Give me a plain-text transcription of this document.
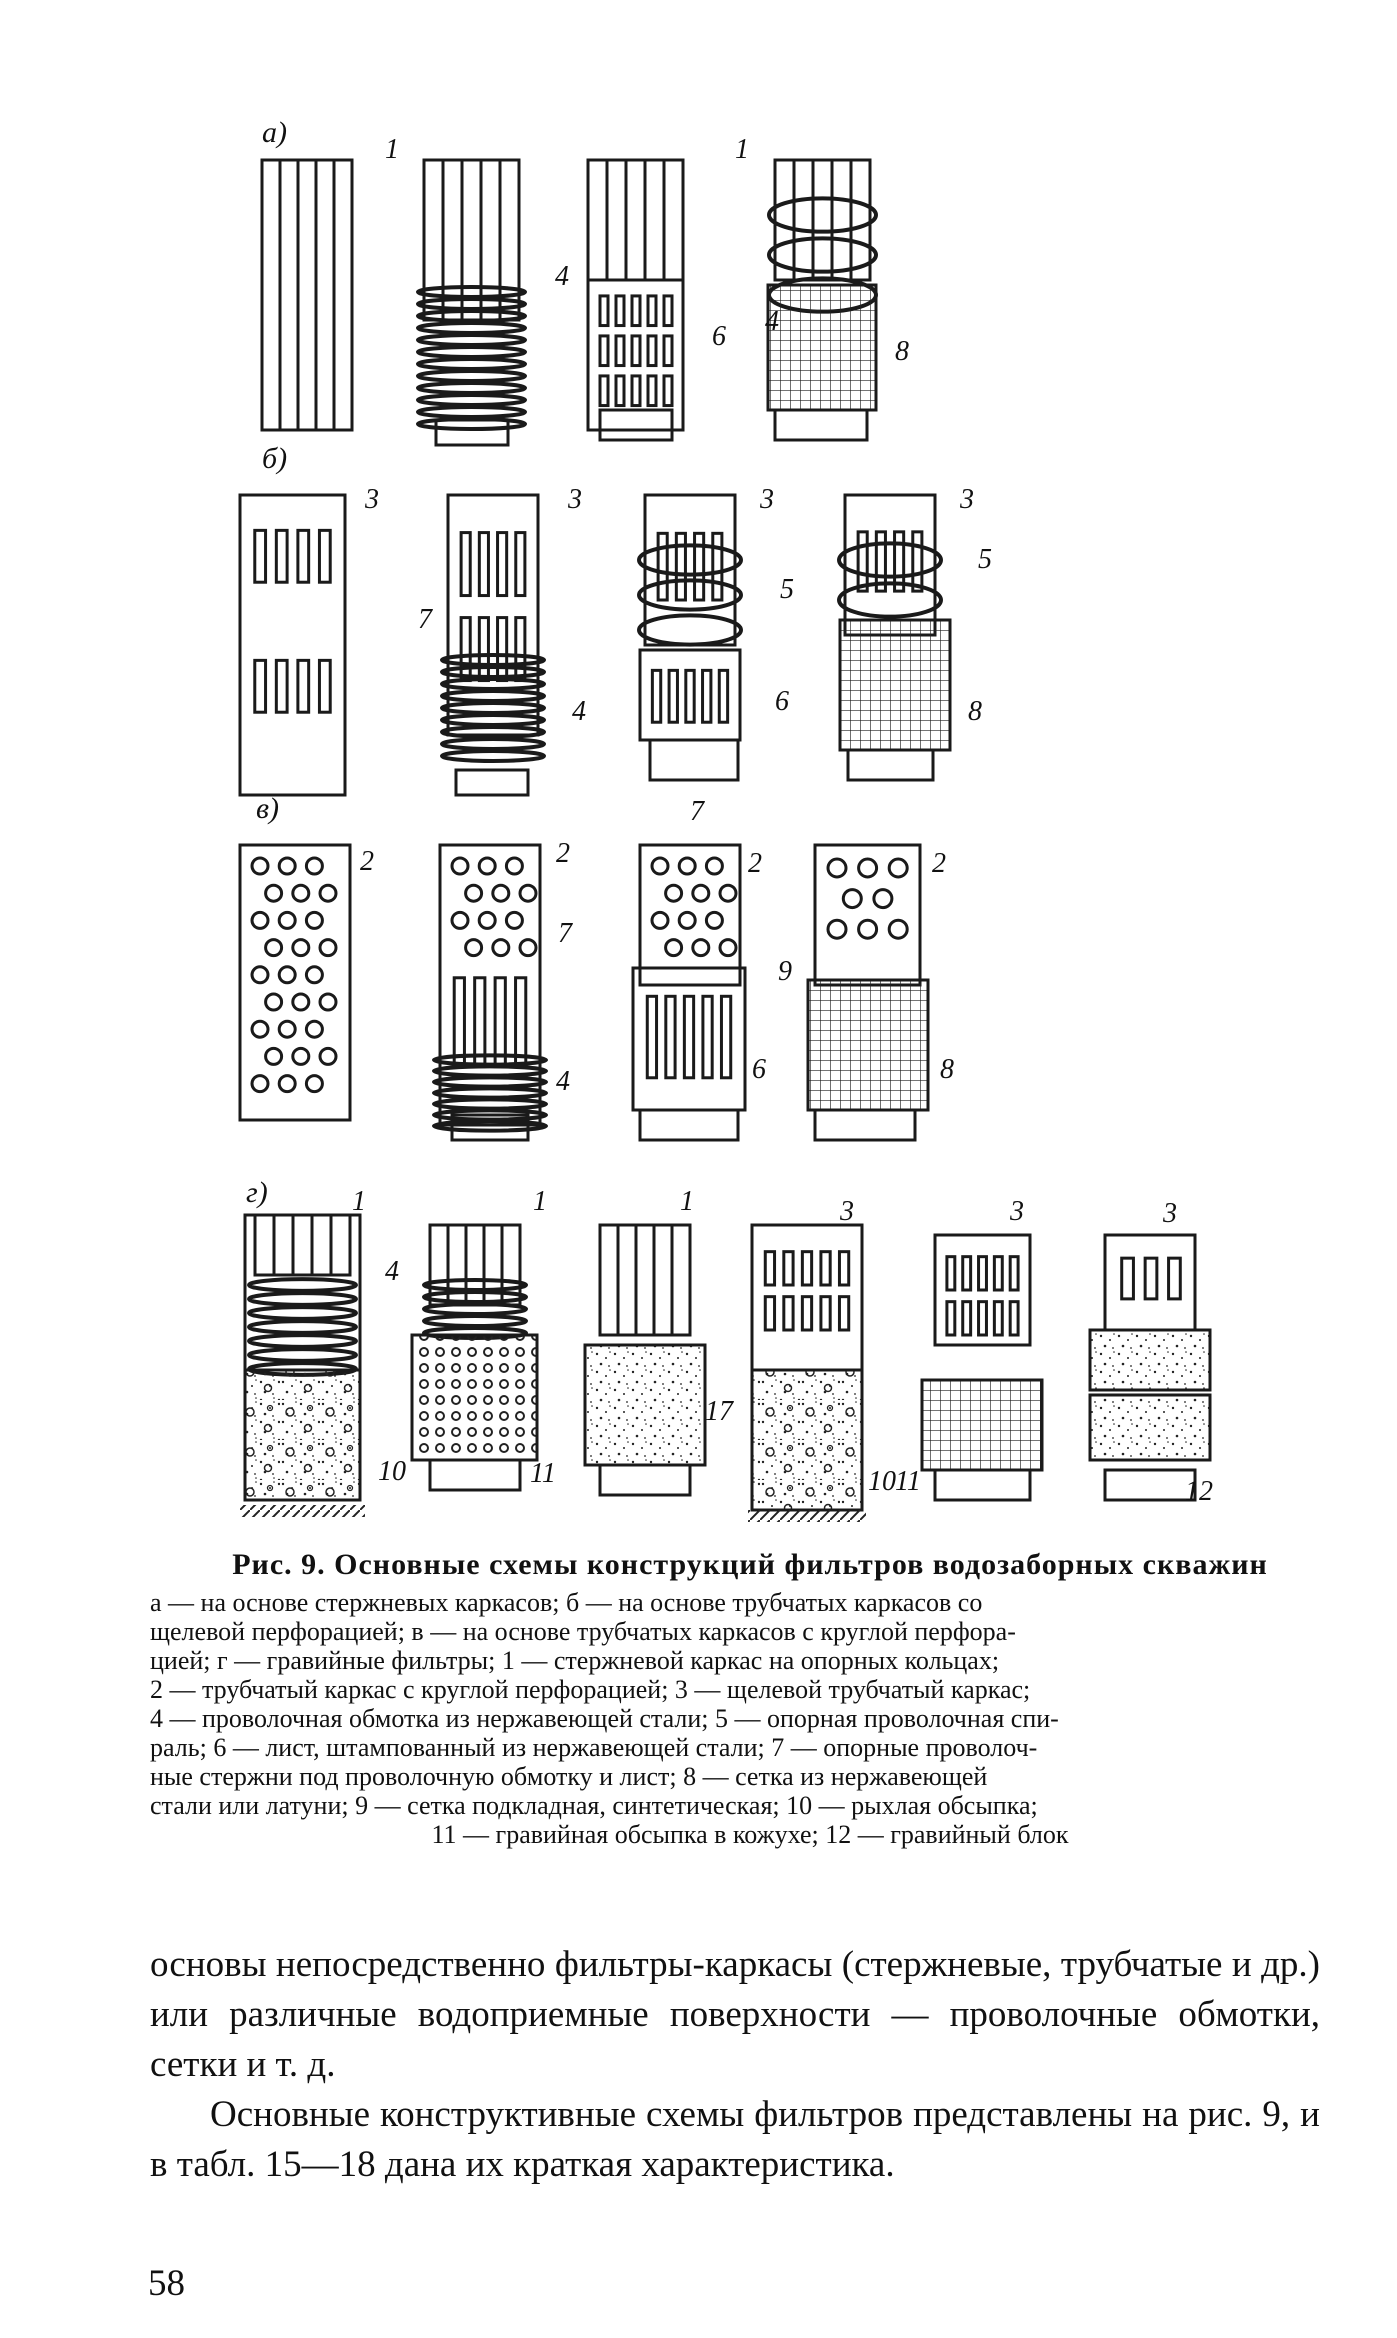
а)
б)
в)
г)
1
4
1
6 4
8
3	3
7
4
3
5
6
3
5
8
2	2
7
4
7
2
6
2
9
8
1
4
10
1
11
1
17
3
10 11
3	3
12

Рис. 9. Основные схемы конструкций фильтров водозаборных скважин

а — на основе стержневых каркасов; б — на основе трубчатых каркасов со
щелевой перфорацией; в — на основе трубчатых каркасов с круглой перфора-
цией; г — гравийные фильтры; 1 — стержневой каркас на опорных кольцах;
2 — трубчатый каркас с круглой перфорацией; 3 — щелевой трубчатый каркас;
4 — проволочная обмотка из нержавеющей стали; 5 — опорная проволочная спи-
раль; 6 — лист, штампованный из нержавеющей стали; 7 — опорные проволоч-
ные стержни под проволочную обмотку и лист; 8 — сетка из нержавеющей
стали или латуни; 9 — сетка подкладная, синтетическая; 10 — рыхлая обсыпка;
11 — гравийная обсыпка в кожухе; 12 — гравийный блок

основы непосредственно фильтры-каркасы (стержневые, трубчатые и др.) или различные водоприемные поверхности — проволочные обмотки, сетки и т. д.

Основные конструктивные схемы фильтров представлены на рис. 9, и в табл. 15—18 дана их краткая характеристика.

58
